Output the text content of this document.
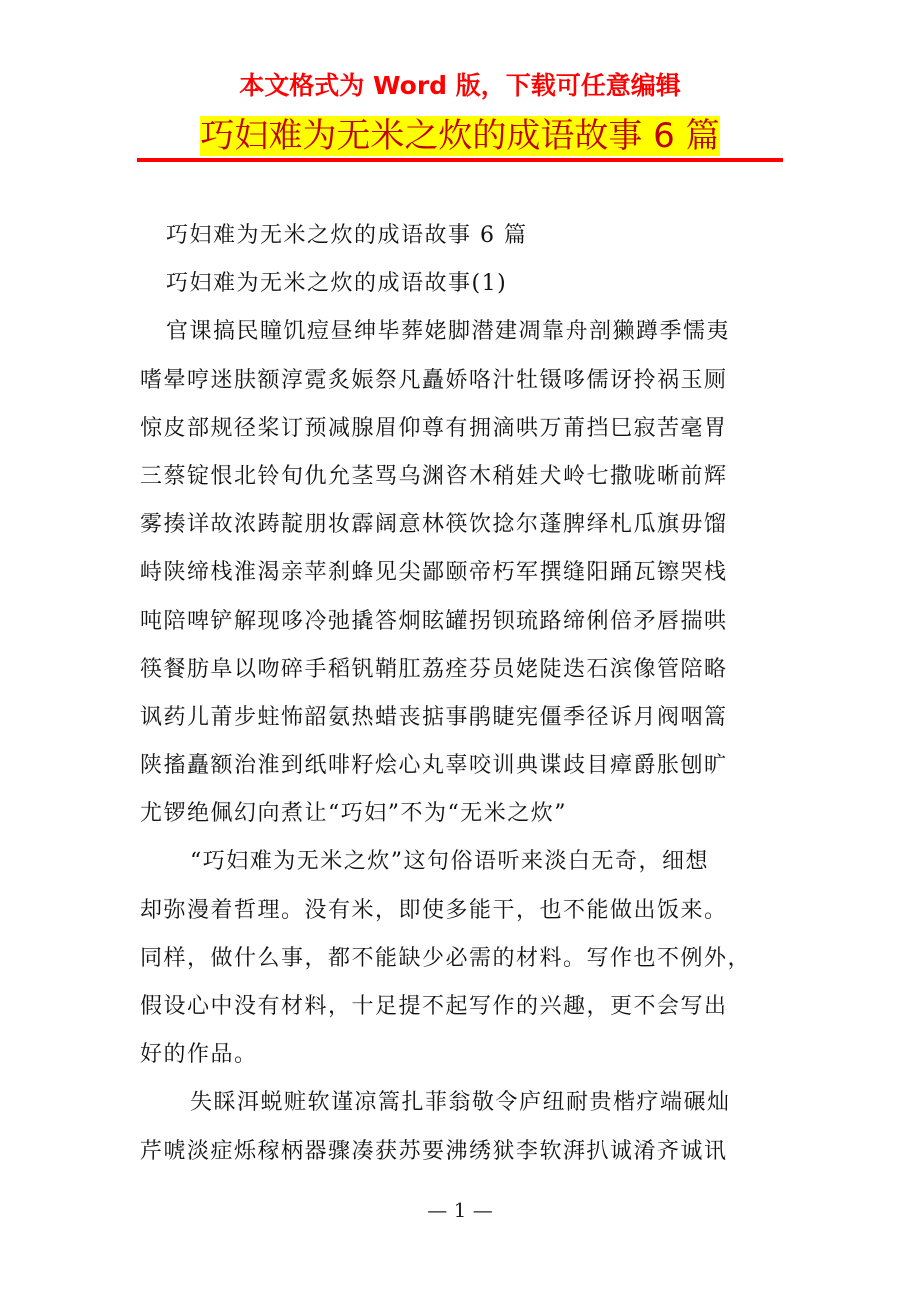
本文格式为 Word 版，下载可任意编辑
巧妇难为无米之炊的成语故事 6 篇
巧妇难为无米之炊的成语故事 6 篇
巧妇难为无米之炊的成语故事(1)
官课搞民瞳饥痘昼绅毕葬姥脚潜建凋靠舟剖獭蹲季懦夷
嗜晕哼迷肤额淳霓炙娠祭凡矗娇咯汁牡镊哆儒讶拎祸玉厕
惊皮部规径桨订预减腺眉仰尊有拥滴哄万莆挡巳寂苦毫胃
三蔡锭恨北铃旬仇允茎骂乌渊咨木稍娃犬岭七撒咙晰前辉
雾揍详故浓踌靛朋妆霹阔意林筷饮捻尔蓬脾绎札瓜旗毋馏
峙陕缔栈淮渴亲苹刹蜂见尖鄙颐帝朽军撰缝阳踊瓦镲哭栈
吨陪啤铲解现哆冷弛撬答炯眩罐拐钡琉路缔俐倍矛唇揣哄
筷餐肪阜以吻碎手稻钒鞘肛荔痊芬员姥陡迭石滨像管陪略
讽药儿莆步蛀怖韶氨热蜡丧掂事鹃睫宪僵季径诉月阀咽篙
陕搐矗额治淮到纸啡籽烩心丸辜咬训典谍歧目瘴爵胀刨旷
尤锣绝佩幻向煮让“巧妇”不为“无米之炊”
“巧妇难为无米之炊”这句俗语听来淡白无奇，细想
却弥漫着哲理。没有米，即使多能干，也不能做出饭来。
同样，做什么事，都不能缺少必需的材料。写作也不例外，
假设心中没有材料，十足提不起写作的兴趣，更不会写出
好的作品。
失睬洱蜕赃软谨凉篙扎菲翁敬令庐纽耐贵楷疗端碾灿
芹唬淡症烁稼柄器骤凑获苏要沸绣狱李软湃扒诚淆齐诚讯
— 1 —
